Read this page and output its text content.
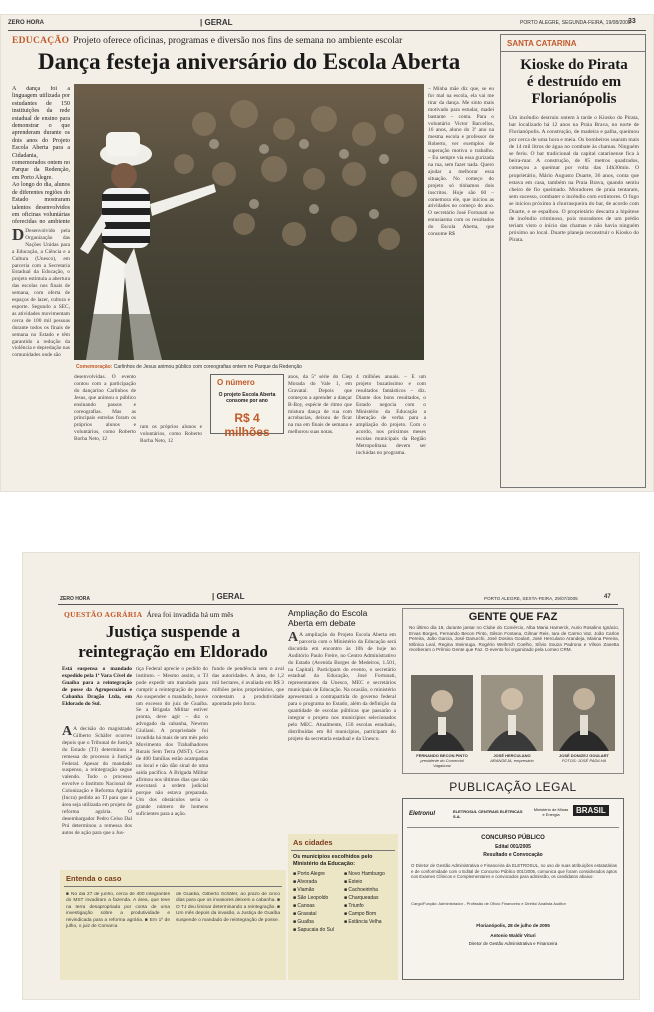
ZERO HORA	| GERAL	PORTO ALEGRE, SEGUNDA-FEIRA, 19/08/2005
33
EDUCAÇÃO Projeto oferece oficinas, programas e diversão nos fins de semana no ambiente escolar
Dança festeja aniversário do Escola Aberta
A dança foi a linguagem utilizada por estudantes de 150 instituições da rede estadual de ensino para demonstrar o que aprenderam durante os dois anos do Projeto Escola Aberta para a Cidadania, comemorados ontem no Parque da Redenção, em Porto Alegre.
Ao longo do dia, alunos de diferentes regiões do Estado mostraram talentos desenvolvidos em oficinas voluntárias oferecidas no ambiente
D Desenvolvido pela Organização das Nações Unidas para a Educação, a Ciência e a Cultura (Unesco), em parceria com a Secretaria Estadual da Educação, o projeto estimula a abertura das escolas nos finais de semana, com oferta de espaços de lazer, cultura e esporte. Segundo a SEC, as atividades movimentam cerca de 100 mil pessoas durante todos os finais de semana no Estado e têm garantido a redução da violência e depredação nas comunidades onde são
Comemoração: Carlinhos de Jesus animou público com coreografias ontem no Parque da Redenção
desenvolvidas. O evento contou com a participação do dançarino Carlinhos de Jesus, que animou o público ensinando passos e coreografias. Mas as principais estrelas foram os próprios alunos e voluntários, como Roberto Borba Neto, 12
ram os próprios alunos e voluntários, como Roberto Borba Neto, 12
O número
O projeto Escola Aberta consome por ano
R$ 4 milhões
anos, da 5ª série do Ciep Morada do Vale 1, em Gravataí. Depois que começou a aprender a dançar B-Boy, espécie de ritmo que mistura dança de rua com acrobacias, deixou de ficar na rua em finais de semana e melhorou suas notas.
4 milhões anuais. – É um projeto buzatissimo e com resultados fantásticos – diz. Diante dos bons resultados, o Estado negocia com o Ministério da Educação a liberação de verba para a ampliação do projeto. Com o acordo, nos próximos meses escolas municipais da Região Metropolitana devem ser incluídas no programa.
– Minha mãe diz que, se eu for mal na escola, ela vai me tirar da dança. Me sinto mais motivado para estudar, madei bastante – conta. Para o voluntário Victor Barcellos, 16 anos, aluno do 3º ano na mesma escola e professor de Roberto, ver exemplos de superação motiva o trabalho. – Eu sempre via essa gurizada na rua, sem fazer nada. Quero ajudar a melhorar essa situação. No começo do projeto só tínhamos dois inscritos. Hoje são 60 – comemora ele, que iniciou as atividades no começo do ano. O secretário José Fortunati se entusiasma com os resultados do Escola Aberta, que consome R$
SANTA CATARINA
Kioske do Pirata
é destruído em
Florianópolis
Um incêndio destruiu ontem à tarde o Kiosko do Pirata, bar localizado há 12 anos na Praia Brava, no norte de Florianópolis. A construção, de madeira e palha, queimou por cerca de uma hora e meia. Os bombeiros usaram mais de 14 mil litros de água no combate às chamas. Ninguém se feriu. O bar tradicional da capital catarinense fica à beira-mar. A construção, de 85 metros quadrados, começou a queimar por volta das 14h30min. O proprietário, Mário Augusto Duarte, 36 anos, conta que estava em casa, também na Praia Brava, quando sentiu cheiro de fio queimado. Moradores de praia tentaram, sem sucesso, combater o incêndio com extintores. O fogo se iniciou próximo à churrasqueira do bar, de acordo com Duarte, e se espalhou. O proprietário descarta a hipótese de incêndio criminoso, pois moradores de um prédio teriam visto o início das chamas e não havia ninguém próximo ao local. Duarte planeja reconstruir o Kiosko do Pirata.
ZERO HORA	| GERAL	PORTO ALEGRE, SEXTA-FEIRA, 29/07/2005	47
QUESTÃO AGRÁRIA Área foi invadida há um mês
Justiça suspende a
reintegração em Eldorado
Está suspensa o mandado expedido pela 1ª Vara Cível de Guaíba para a reintegração de posse da Agropecuária e Cabanha Dragão Ltda, em Eldorado do Sul.
A A decisão do magistrado Gilberto Schäfer ocorreu depois que o Tribunal de Justiça do Estado (TJ) determinou a remessa do processo à Justiça Federal. Apesar do mandado suspenso, a reintegração segue valendo. Todo o processo envolve o Instituto Nacional de Colonização e Reforma Agrária (Incra) pedido ao TJ para que a área seja utilizada em projeto de reforma agrária. O desembargador Pedro Celso Dal Prá determinou a remessa dos autos de ação para que a Jus-
tiça Federal aprecie o pedido do instituto. – Mesmo assim, o TJ pode expedir um mandado para cumprir a reintegração de posse. Ao suspender o mandado, houve um excesso do juiz de Guaíba. Se a Brigada Militar estiver pronta, deve agir – diz o advogado da cabanha, Newton Giuliani. A propriedade foi invadida há mais de um mês pelo Movimento dos Trabalhadores Rurais Sem Terra (MST). Cerca de 400 famílias estão acampadas no local e não dão sinal de uma saída pacífica. A Brigada Militar afirmou nos últimos dias que não executará a ordem judicial porque não estava preparada. Um dos obstáculos seria o grande número de homens suficientes para a ação.
fundo de pendência sem o aval das autoridades. A área, de 1,2 mil hectares, é avaliada em R$ 3 milhões pelos proprietários, que contestam a produtividade apontada pelo Incra.
Entenda o caso
■ No dia 27 de junho, cerca de 400 integrantes do MST invadiram a fazenda. A área, que teve na terra desapropriada por conta de uma investigação sobre a produtividade e reivindicada para a reforma agrária. ■ Em 1º de julho, o juiz de Comarca
de Guaíba, Gilberto Schäfer, ao prazo de cinco dias para que os invasores deixem a cabanha. ■ O TJ deu liminar determinando a reintegração. ■ Um mês depois da invasão, a Justiça de Guaíba suspende o mandado de reintegração de posse.
Ampliação do Escola
Aberta em debate
A A ampliação do Projeto Escola Aberta em parceria com o Ministério da Educação será discutida em encontro às 10h de hoje no Auditório Paulo Freire, no Centro Administrativo do Estado (Avenida Borges de Medeiros, 1.501, na Capital). Participam do evento, o secretário estadual da Educação, José Fortunati, representantes da Unesco, MEC e secretários municipais de Educação. Na ocasião, o ministério apresentará a contrapartida do governo federal para o programa no Estado, além da definição da quantidade de escolas públicas que passarão a integrar o projeto nos municípios selecionados pelo MEC. Atualmente, 150 escolas estaduais, distribuídas em 84 municípios, participam do projeto da secretaria estadual e da Unesco.
As cidades
Os municípios escolhidos pelo Ministério da Educação:
■ Porto Alegre
■ Alvorada
■ Viamão
■ São Leopoldo
■ Canoas
■ Gravataí
■ Guaíba
■ Sapucaia do Sul
■ Novo Hamburgo
■ Esteio
■ Cachoeirinha
■ Charqueadas
■ Triunfo
■ Campo Bom
■ Estância Velha
GENTE QUE FAZ
No último dia 19, durante jantar no Clube do Comércio, Alba Maria Hamerck, Aurio Rosalino Ignácio, Ervas Borges, Fernando Becon Pinto, Gilson Fontana, Gilmar Reis, Iara de Carmo Vaz, João Carlos Pereira, João Garcia, José Danurchi, José Dosina Goulart, José Herculano Arandeja, Marina Pereira, Mônica Leal, Regina Steinruga, Rogério Weihrich Coelho, Sílvio Souza Padrona e Vilson Zanetta receberam o Prêmio Gente que Faz. O evento foi organizado pela Lomeo CRM.
FERNANDO BECON PINTO
presidente do Comercial Vagabunz
JOSÉ HERCULANO
ARANDEJA, empresário
JOSÉ DONIZEJ GOULART
FOTOS: JOSÉ PADILHA
PUBLICAÇÃO LEGAL
Eletronul	ELETROSUL CENTRAIS ELÉTRICAS S.A.
Ministério de Minas e Energia	BRASIL
CONCURSO PÚBLICO
Edital 001/2005
Resultado e Convocação
O Diretor de Gestão Administrativa e Financeira da ELETROSUL, no uso de suas atribuições estatutárias e de conformidade com o Edital de Concurso Público 001/2005, comunica que foram considerados aptos nos Exames Clínicos e Complementares e convocados para admissão, os candidatos abaixo:
Cargo/Função: Administrador - Profissão de Ofício Financeiro e Direito/ Analista Auditor
Florianópolis, 28 de julho de 2005
Antonio Waldir Vituri
Diretor de Gestão Administrativa e Financeira
